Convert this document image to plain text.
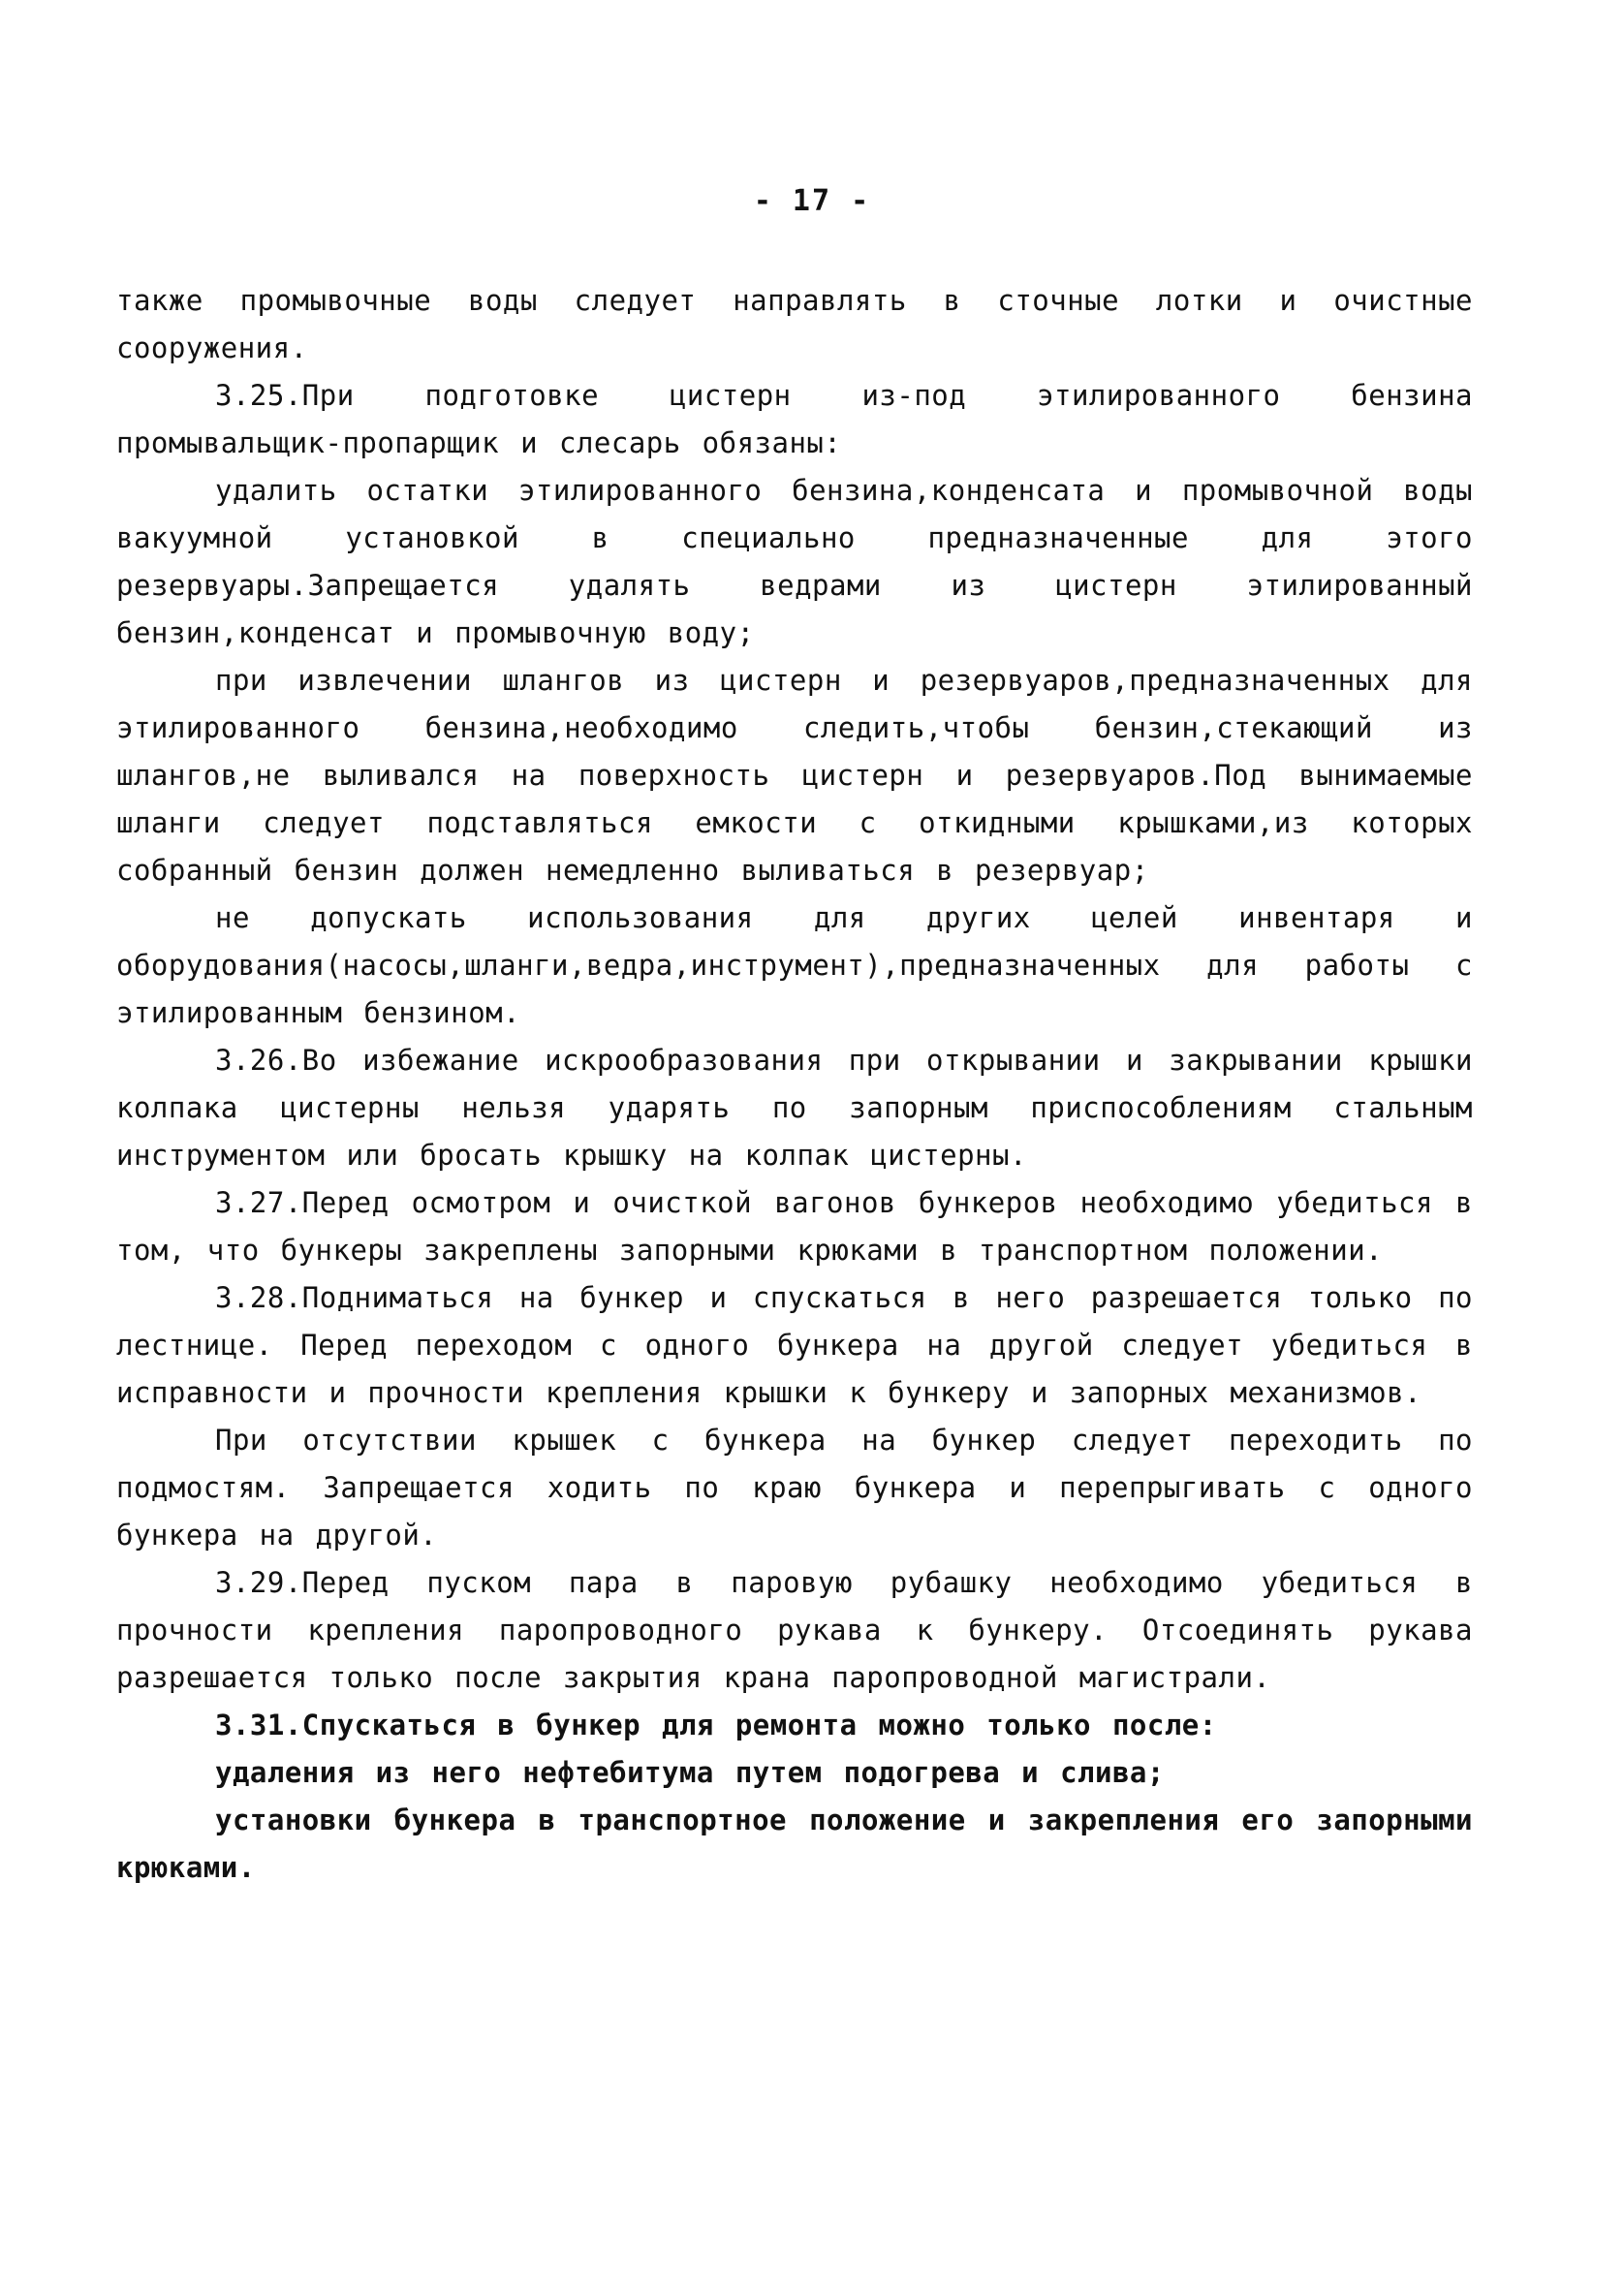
- 17 -

также промывочные воды следует направлять в сточные лотки и очистные сооружения.

3.25.При подготовке цистерн из-под этилированного бензина промывальщик-пропарщик и слесарь обязаны:

удалить остатки этилированного бензина,конденсата и промывочной воды вакуумной установкой в специально предназначенные для этого резервуары.Запрещается удалять ведрами из цистерн этилированный бензин,конденсат и промывочную воду;

при извлечении шлангов из цистерн и резервуаров,предназначенных для этилированного бензина,необходимо следить,чтобы бензин,стекающий из шлангов,не выливался на поверхность цистерн и резервуаров.Под вынимаемые шланги следует подставляться емкости с откидными крышками,из которых собранный бензин должен немедленно выливаться в резервуар;

не допускать использования для других целей инвентаря и оборудования(насосы,шланги,ведра,инструмент),предназначенных для работы с этилированным бензином.

3.26.Во избежание искрообразования при открывании и закрывании крышки колпака цистерны нельзя ударять по запорным приспособлениям стальным инструментом или бросать крышку на колпак цистерны.

3.27.Перед осмотром и очисткой вагонов бункеров необходимо убедиться в том, что бункеры закреплены запорными крюками в транспортном положении.

3.28.Подниматься на бункер и спускаться в него разрешается только по лестнице. Перед переходом с одного бункера на другой следует убедиться в исправности и прочности крепления крышки к бункеру и запорных механизмов.

При отсутствии крышек с бункера на бункер следует переходить по подмостям. Запрещается ходить по краю бункера и перепрыгивать с одного бункера на другой.

3.29.Перед пуском пара в паровую рубашку необходимо убедиться в прочности крепления паропроводного рукава к бункеру. Отсоединять рукава разрешается только после закрытия крана паропроводной магистрали.

3.31.Спускаться в бункер для ремонта можно только после:

удаления из него нефтебитума путем подогрева и слива;

установки бункера в транспортное положение и закрепления его запорными крюками.
